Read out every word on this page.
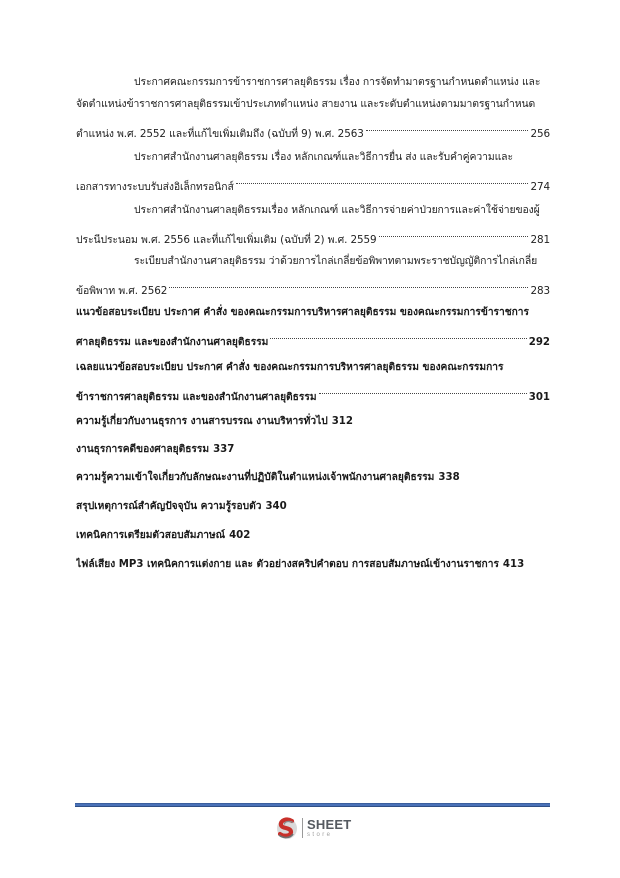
ประกาศคณะกรรมการข้าราชการศาลยุติธรรม เรื่อง การจัดทำมาตรฐานกำหนดตำแหน่ง และ
จัดตำแหน่งข้าราชการศาลยุติธรรมเข้าประเภทตำแหน่ง สายงาน และระดับตำแหน่งตามมาตรฐานกำหนด
ตำแหน่ง พ.ศ. 2552 และที่แก้ไขเพิ่มเติมถึง (ฉบับที่ 9) พ.ศ. 2563	256
ประกาศสำนักงานศาลยุติธรรม เรื่อง หลักเกณฑ์และวิธีการยื่น ส่ง และรับคำคู่ความและ
เอกสารทางระบบรับส่งอิเล็กทรอนิกส์	274
ประกาศสำนักงานศาลยุติธรรมเรื่อง หลักเกณฑ์ และวิธีการจ่ายค่าป่วยการและค่าใช้จ่ายของผู้
ประนีประนอม พ.ศ. 2556 และที่แก้ไขเพิ่มเติม (ฉบับที่ 2) พ.ศ. 2559	281
ระเบียบสำนักงานศาลยุติธรรม ว่าด้วยการไกล่เกลี่ยข้อพิพาทตามพระราชบัญญัติการไกล่เกลี่ย
ข้อพิพาท พ.ศ. 2562	283
แนวข้อสอบระเบียบ ประกาศ คำสั่ง ของคณะกรรมการบริหารศาลยุติธรรม ของคณะกรรมการข้าราชการ
ศาลยุติธรรม และของสำนักงานศาลยุติธรรม	292
เฉลยแนวข้อสอบระเบียบ ประกาศ คำสั่ง ของคณะกรรมการบริหารศาลยุติธรรม ของคณะกรรมการ
ข้าราชการศาลยุติธรรม และของสำนักงานศาลยุติธรรม	301
ความรู้เกี่ยวกับงานธุรการ งานสารบรรณ งานบริหารทั่วไป 312
งานธุรการคดีของศาลยุติธรรม 337
ความรู้ความเข้าใจเกี่ยวกับลักษณะงานที่ปฏิบัติในตำแหน่งเจ้าพนักงานศาลยุติธรรม 338
สรุปเหตุการณ์สำคัญปัจจุบัน ความรู้รอบตัว 340
เทคนิคการเตรียมตัวสอบสัมภาษณ์ 402
ไฟล์เสียง MP3 เทคนิคการแต่งกาย และ ตัวอย่างสคริปคำตอบ การสอบสัมภาษณ์เข้างานราชการ 413
SHEET
store
